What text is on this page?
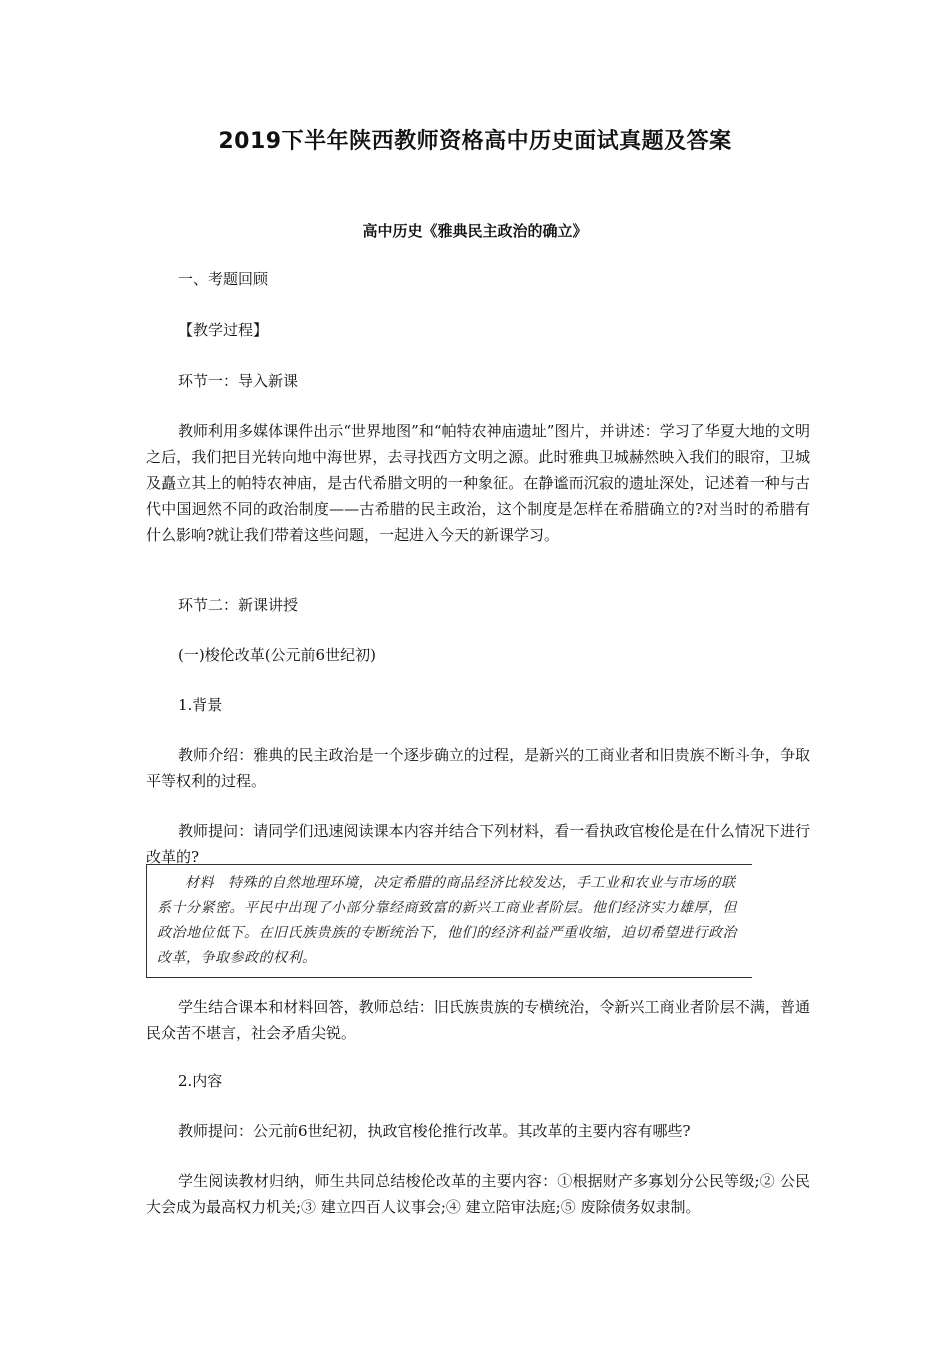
2019下半年陕西教师资格高中历史面试真题及答案
高中历史《雅典民主政治的确立》

一、考题回顾

【教学过程】

环节一：导入新课

教师利用多媒体课件出示“世界地图”和“帕特农神庙遗址”图片，并讲述：学习了华夏大地的文明之后，我们把目光转向地中海世界，去寻找西方文明之源。此时雅典卫城赫然映入我们的眼帘，卫城及矗立其上的帕特农神庙，是古代希腊文明的一种象征。在静谧而沉寂的遗址深处，记述着一种与古代中国迥然不同的政治制度——古希腊的民主政治，这个制度是怎样在希腊确立的?对当时的希腊有什么影响?就让我们带着这些问题，一起进入今天的新课学习。

环节二：新课讲授

(一)梭伦改革(公元前6世纪初)

1.背景

教师介绍：雅典的民主政治是一个逐步确立的过程，是新兴的工商业者和旧贵族不断斗争，争取平等权利的过程。

教师提问：请同学们迅速阅读课本内容并结合下列材料，看一看执政官梭伦是在什么情况下进行改革的?

材料 特殊的自然地理环境，决定希腊的商品经济比较发达，手工业和农业与市场的联系十分紧密。平民中出现了小部分靠经商致富的新兴工商业者阶层。他们经济实力雄厚，但政治地位低下。在旧氏族贵族的专断统治下，他们的经济利益严重收缩，迫切希望进行政治改革，争取参政的权利。

学生结合课本和材料回答，教师总结：旧氏族贵族的专横统治，令新兴工商业者阶层不满，普通民众苦不堪言，社会矛盾尖锐。

2.内容

教师提问：公元前6世纪初，执政官梭伦推行改革。其改革的主要内容有哪些?

学生阅读教材归纳，师生共同总结梭伦改革的主要内容：①根据财产多寡划分公民等级;② 公民大会成为最高权力机关;③ 建立四百人议事会;④ 建立陪审法庭;⑤ 废除债务奴隶制。
